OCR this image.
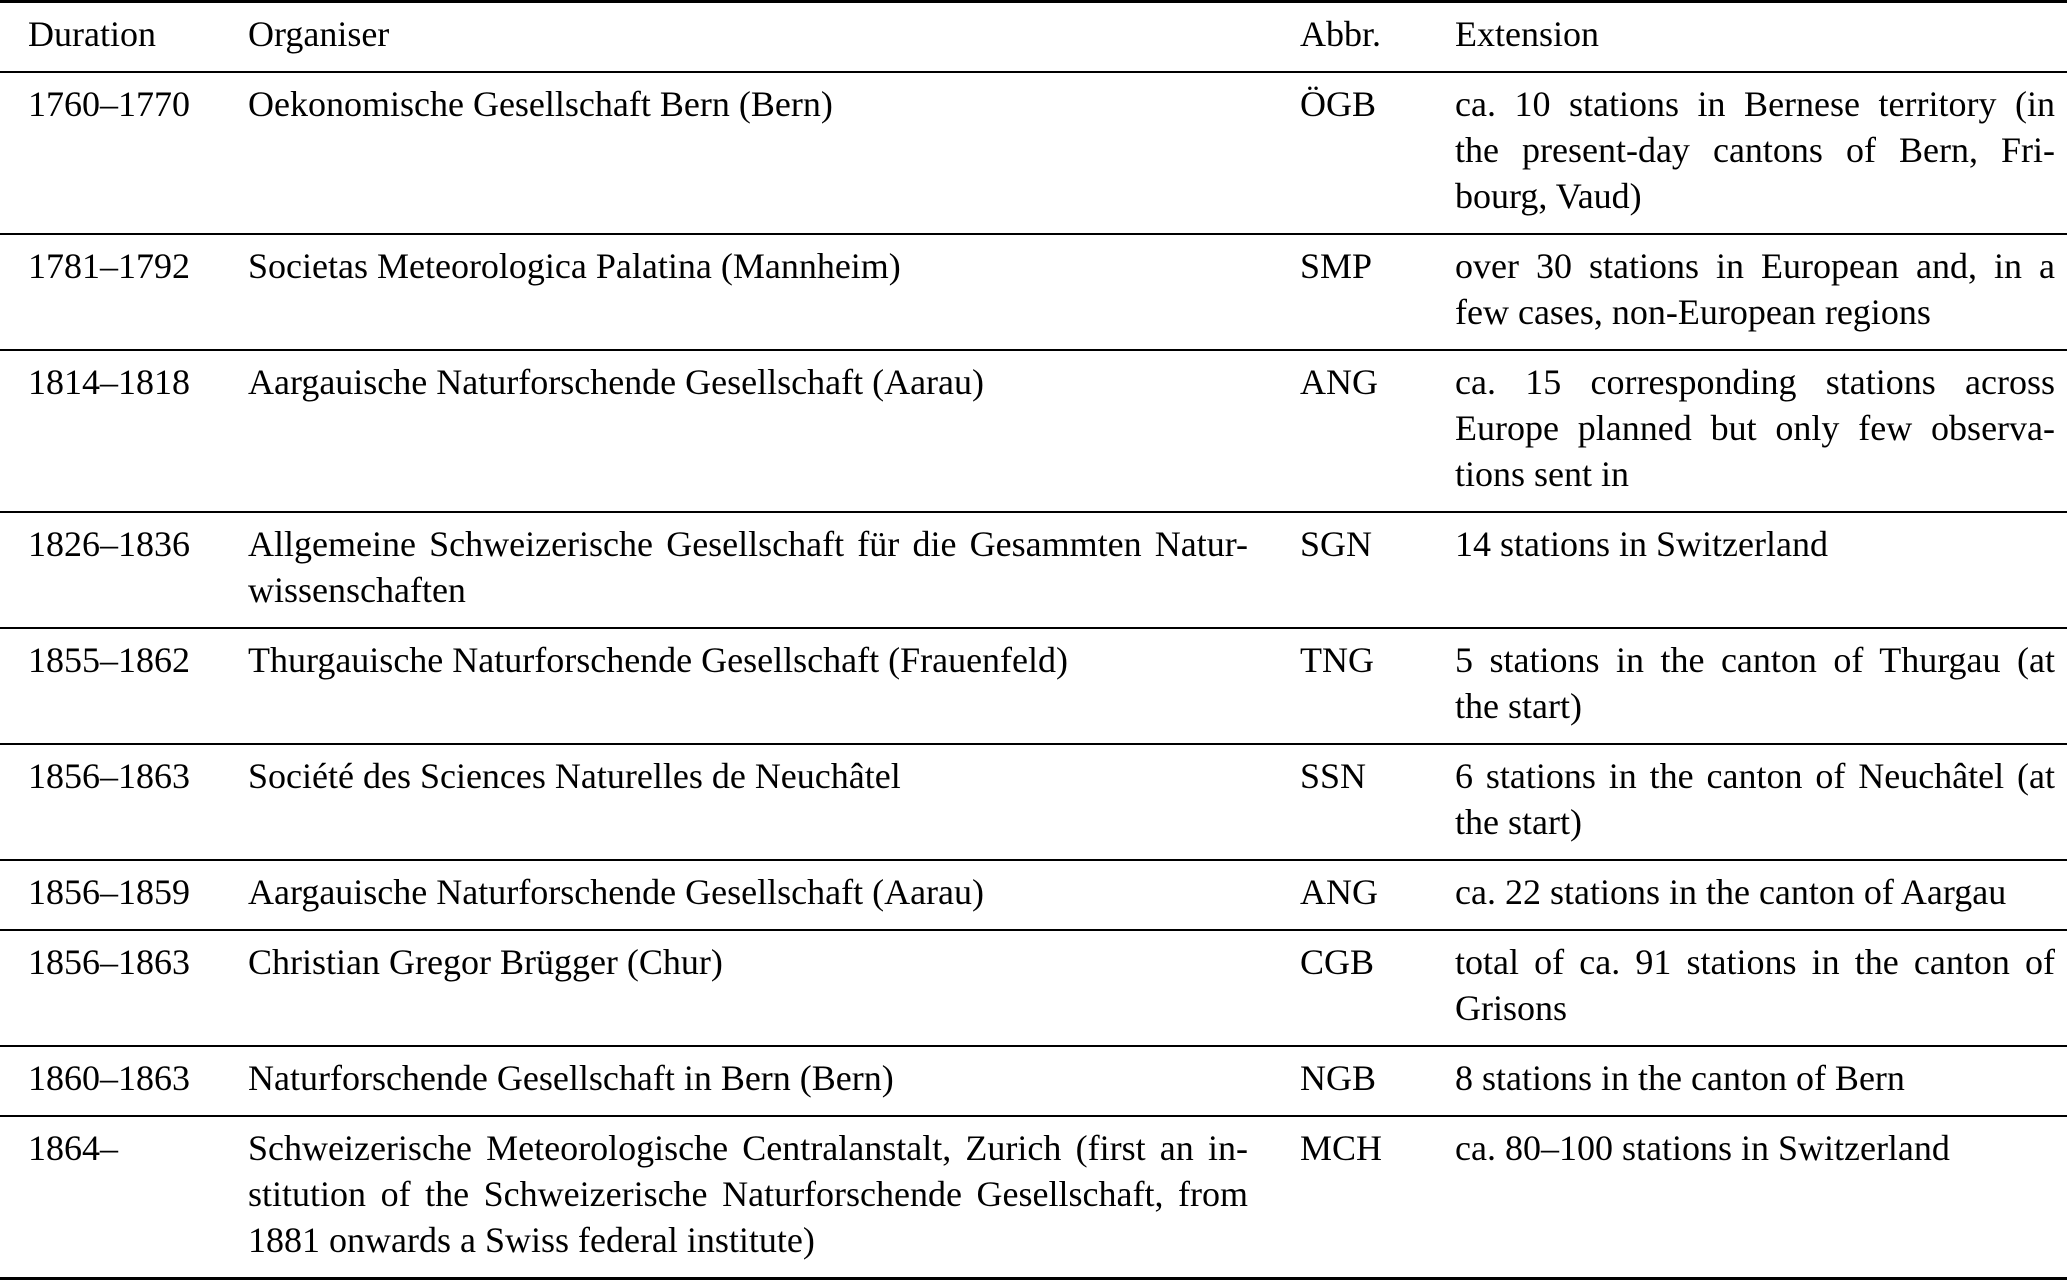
Duration	Organiser	Abbr.	Extension
1760–1770	Oekonomische Gesellschaft Bern (Bern)	ÖGB	ca. 10 stations in Bernese territory (in
the present-day cantons of Bern, Fri-
bourg, Vaud)

1781–1792	Societas Meteorologica Palatina (Mannheim)	SMP	over 30 stations in European and, in a
few cases, non-European regions

1814–1818	Aargauische Naturforschende Gesellschaft (Aarau)	ANG	ca. 15 corresponding stations across
Europe planned but only few observa-
tions sent in

1826–1836	Allgemeine Schweizerische Gesellschaft für die Gesammten Natur-
wissenschaften	SGN	14 stations in Switzerland

1855–1862	Thurgauische Naturforschende Gesellschaft (Frauenfeld)	TNG	5 stations in the canton of Thurgau (at
the start)

1856–1863	Société des Sciences Naturelles de Neuchâtel	SSN	6 stations in the canton of Neuchâtel (at
the start)

1856–1859	Aargauische Naturforschende Gesellschaft (Aarau)	ANG	ca. 22 stations in the canton of Aargau

1856–1863	Christian Gregor Brügger (Chur)	CGB	total of ca. 91 stations in the canton of
Grisons

1860–1863	Naturforschende Gesellschaft in Bern (Bern)	NGB	8 stations in the canton of Bern

1864–	Schweizerische Meteorologische Centralanstalt, Zurich (first an in-
stitution of the Schweizerische Naturforschende Gesellschaft, from
1881 onwards a Swiss federal institute)	MCH	ca. 80–100 stations in Switzerland
